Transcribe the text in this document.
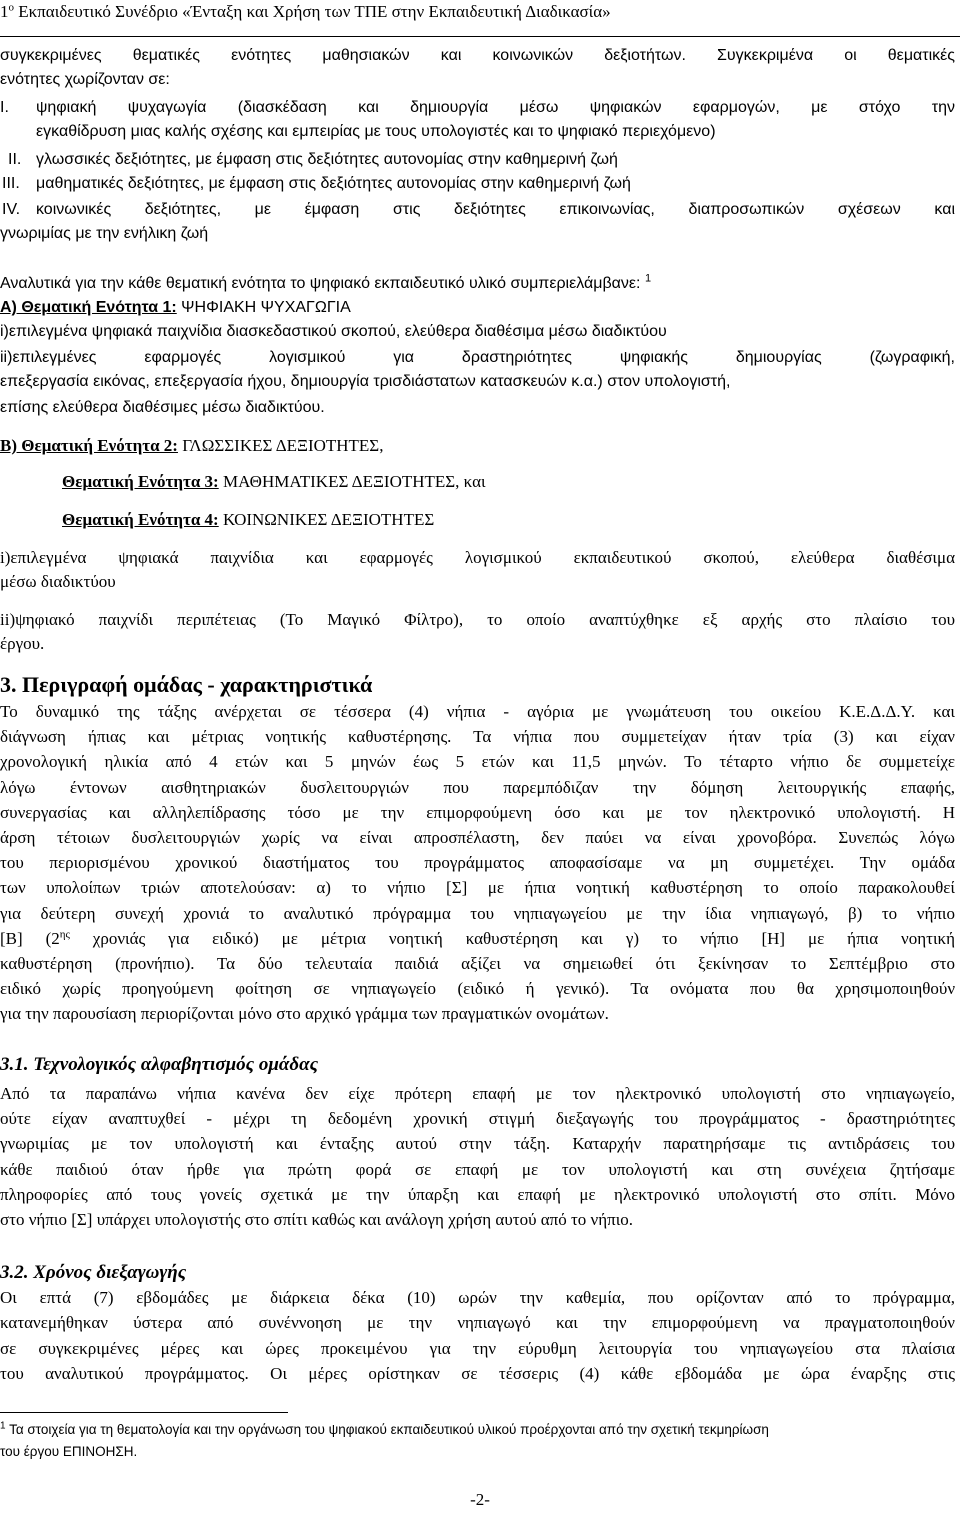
$1^o$ Εκπαιδευτικό Συνέδριο «Ένταξη και Χρήση των ΤΠΕ στην Εκπαιδευτική Διαδικασία»
συγκεκριμένες θεματικές ενότητες μαθησιακών και κοινωνικών δεξιοτήτων. Συγκεκριμένα οι θεματικές
ενότητες χωρίζονταν σε:
I. ψηφιακή ψυχαγωγία (διασκέδαση και δημιουργία μέσω ψηφιακών εφαρμογών, με στόχο την
εγκαθίδρυση μιας καλής σχέσης και εμπειρίας με τους υπολογιστές και το ψηφιακό περιεχόμενο)
II. γλωσσικές δεξιότητες, με έμφαση στις δεξιότητες αυτονομίας στην καθημερινή ζωή
III. μαθηματικές δεξιότητες, με έμφαση στις δεξιότητες αυτονομίας στην καθημερινή ζωή
IV. κοινωνικές δεξιότητες, με έμφαση στις δεξιότητες επικοινωνίας, διαπροσωπικών σχέσεων και
γνωριμίας με την ενήλικη ζωή
Αναλυτικά για την κάθε θεματική ενότητα το ψηφιακό εκπαιδευτικό υλικό συμπεριελάμβανε: $^1$
Α) Θεματική Ενότητα 1: ΨΗΦΙΑΚΗ ΨΥΧΑΓΩΓΙΑ
i)επιλεγμένα ψηφιακά παιχνίδια διασκεδαστικού σκοπού, ελεύθερα διαθέσιμα μέσω διαδικτύου
ii)επιλεγμένες εφαρμογές λογισμικού για δραστηριότητες ψηφιακής δημιουργίας (ζωγραφική,
επεξεργασία εικόνας, επεξεργασία ήχου, δημιουργία τρισδιάστατων κατασκευών κ.α.) στον υπολογιστή,
επίσης ελεύθερα διαθέσιμες μέσω διαδικτύου.
Β) Θεματική Ενότητα 2: ΓΛΩΣΣΙΚΕΣ ΔΕΞΙΟΤΗΤΕΣ,
Θεματική Ενότητα 3: ΜΑΘΗΜΑΤΙΚΕΣ ΔΕΞΙΟΤΗΤΕΣ, και
Θεματική Ενότητα 4: ΚΟΙΝΩΝΙΚΕΣ ΔΕΞΙΟΤΗΤΕΣ
i)επιλεγμένα ψηφιακά παιχνίδια και εφαρμογές λογισμικού εκπαιδευτικού σκοπού, ελεύθερα διαθέσιμα
μέσω διαδικτύου
ii)ψηφιακό παιχνίδι περιπέτειας (Το Μαγικό Φίλτρο), το οποίο αναπτύχθηκε εξ αρχής στο πλαίσιο του
έργου.
3. Περιγραφή ομάδας - χαρακτηριστικά
Το δυναμικό της τάξης ανέρχεται σε τέσσερα (4) νήπια - αγόρια με γνωμάτευση του οικείου Κ.Ε.Δ.Δ.Υ. και
διάγνωση ήπιας και μέτριας νοητικής καθυστέρησης. Τα νήπια που συμμετείχαν ήταν τρία (3) και είχαν
χρονολογική ηλικία από 4 ετών και 5 μηνών έως 5 ετών και 11,5 μηνών. Το τέταρτο νήπιο δε συμμετείχε
λόγω έντονων αισθητηριακών δυσλειτουργιών που παρεμπόδιζαν την δόμηση λειτουργικής επαφής,
συνεργασίας και αλληλεπίδρασης τόσο με την επιμορφούμενη όσο και με τον ηλεκτρονικό υπολογιστή. Η
άρση τέτοιων δυσλειτουργιών χωρίς να είναι απροσπέλαστη, δεν παύει να είναι χρονοβόρα. Συνεπώς λόγω
του περιορισμένου χρονικού διαστήματος του προγράμματος αποφασίσαμε να μη συμμετέχει. Την ομάδα
των υπολοίπων τριών αποτελούσαν: α) το νήπιο [Σ] με ήπια νοητική καθυστέρηση το οποίο παρακολουθεί
για δεύτερη συνεχή χρονιά το αναλυτικό πρόγραμμα του νηπιαγωγείου με την ίδια νηπιαγωγό, β) το νήπιο
[Β] ($2^{\eta\varsigma}$ χρονιάς για ειδικό) με μέτρια νοητική καθυστέρηση και γ) το νήπιο [Η] με ήπια νοητική
καθυστέρηση (προνήπιο). Τα δύο τελευταία παιδιά αξίζει να σημειωθεί ότι ξεκίνησαν το Σεπτέμβριο στο
ειδικό χωρίς προηγούμενη φοίτηση σε νηπιαγωγείο (ειδικό ή γενικό). Τα ονόματα που θα χρησιμοποιηθούν
για την παρουσίαση περιορίζονται μόνο στο αρχικό γράμμα των πραγματικών ονομάτων.
3.1. Τεχνολογικός αλφαβητισμός ομάδας
Από τα παραπάνω νήπια κανένα δεν είχε πρότερη επαφή με τον ηλεκτρονικό υπολογιστή στο νηπιαγωγείο,
ούτε είχαν αναπτυχθεί - μέχρι τη δεδομένη χρονική στιγμή διεξαγωγής του προγράμματος - δραστηριότητες
γνωριμίας με τον υπολογιστή και ένταξης αυτού στην τάξη. Καταρχήν παρατηρήσαμε τις αντιδράσεις του
κάθε παιδιού όταν ήρθε για πρώτη φορά σε επαφή με τον υπολογιστή και στη συνέχεια ζητήσαμε
πληροφορίες από τους γονείς σχετικά με την ύπαρξη και επαφή με ηλεκτρονικό υπολογιστή στο σπίτι. Μόνο
στο νήπιο [Σ] υπάρχει υπολογιστής στο σπίτι καθώς και ανάλογη χρήση αυτού από το νήπιο.
3.2. Χρόνος διεξαγωγής
Οι επτά (7) εβδομάδες με διάρκεια δέκα (10) ωρών την καθεμία, που ορίζονταν από το πρόγραμμα,
κατανεμήθηκαν ύστερα από συνέννοηση με την νηπιαγωγό και την επιμορφούμενη να πραγματοποιηθούν
σε συγκεκριμένες μέρες και ώρες προκειμένου για την εύρυθμη λειτουργία του νηπιαγωγείου στα πλαίσια
του αναλυτικού προγράμματος. Οι μέρες ορίστηκαν σε τέσσερις (4) κάθε εβδομάδα με ώρα έναρξης στις
$^1$ Τα στοιχεία για τη θεματολογία και την οργάνωση του ψηφιακού εκπαιδευτικού υλικού προέρχονται από την σχετική τεκμηρίωση
του έργου ΕΠΙΝΟΗΣΗ.
-2-
